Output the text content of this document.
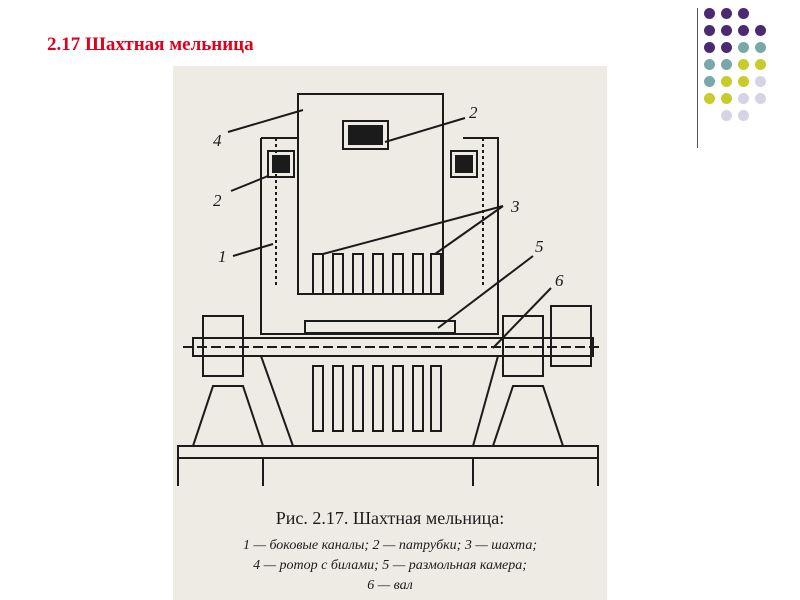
2.17 Шахтная мельница
4
2
2
1
3
5
6
Рис. 2.17. Шахтная мельница:
1 — боковые каналы; 2 — патрубки; 3 — шахта;
4 — ротор с билами; 5 — размольная камера;
6 — вал
